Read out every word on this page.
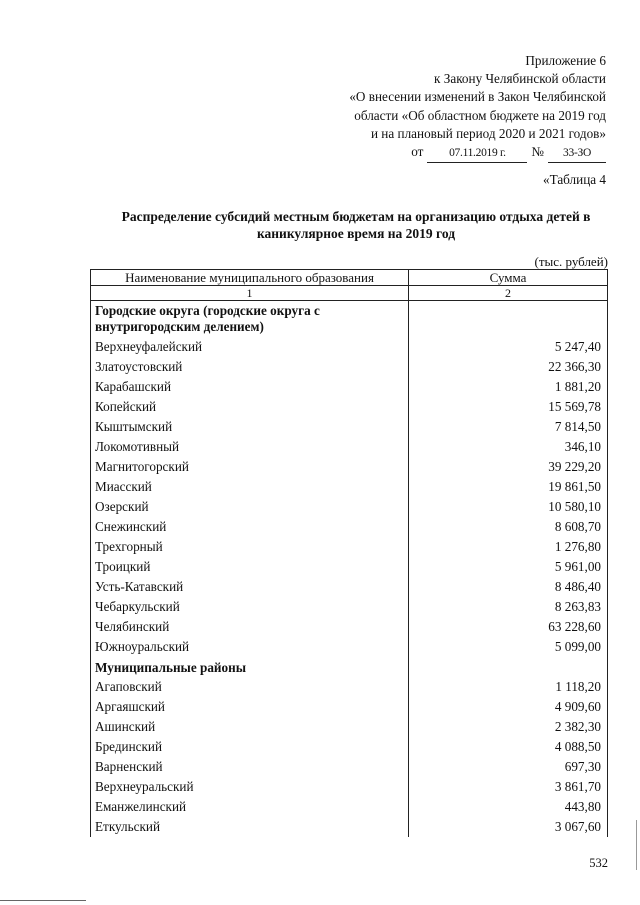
Приложение 6
к Закону Челябинской области
«О внесении изменений в Закон Челябинской
области «Об областном бюджете на 2019 год
и на плановый период 2020 и 2021 годов»
от	07.11.2019 г.	№	33-ЗО
«Таблица 4
Распределение субсидий местным бюджетам на организацию отдыха детей в каникулярное время на 2019 год
(тыс. рублей)
Наименование муниципального образования	Сумма
1	2
Городские округа (городские округа с внутригородским делением)
Верхнеуфалейский	5 247,40
Златоустовский	22 366,30
Карабашский	1 881,20
Копейский	15 569,78
Кыштымский	7 814,50
Локомотивный	346,10
Магнитогорский	39 229,20
Миасский	19 861,50
Озерский	10 580,10
Снежинский	8 608,70
Трехгорный	1 276,80
Троицкий	5 961,00
Усть-Катавский	8 486,40
Чебаркульский	8 263,83
Челябинский	63 228,60
Южноуральский	5 099,00
Муниципальные районы
Агаповский	1 118,20
Аргаяшский	4 909,60
Ашинский	2 382,30
Брединский	4 088,50
Варненский	697,30
Верхнеуральский	3 861,70
Еманжелинский	443,80
Еткульский	3 067,60
532
